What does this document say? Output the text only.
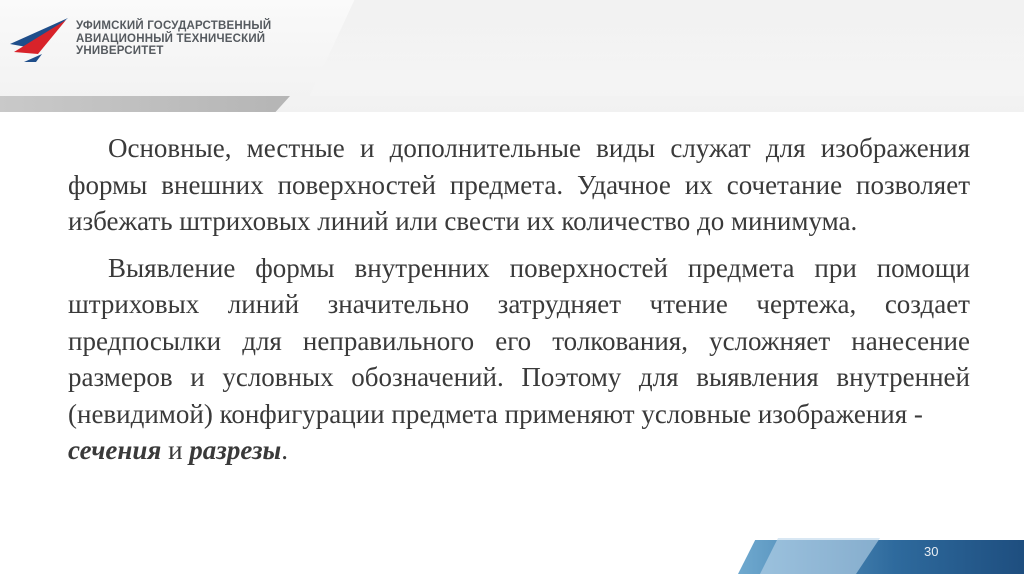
УФИМСКИЙ ГОСУДАРСТВЕННЫЙ
АВИАЦИОННЫЙ ТЕХНИЧЕСКИЙ
УНИВЕРСИТЕТ

Основные, местные и дополнительные виды служат для изображения формы внешних поверхностей предмета. Удачное их сочетание позволяет избежать штриховых линий или свести их количество до минимума.

Выявление формы внутренних поверхностей предмета при помощи штриховых линий значительно затрудняет чтение чертежа, создает предпосылки для неправильного его толкования, усложняет нанесение размеров и условных обозначений. Поэтому для выявления внутренней (невидимой) конфигурации предмета применяют условные изображения -
сечения и разрезы.

30
